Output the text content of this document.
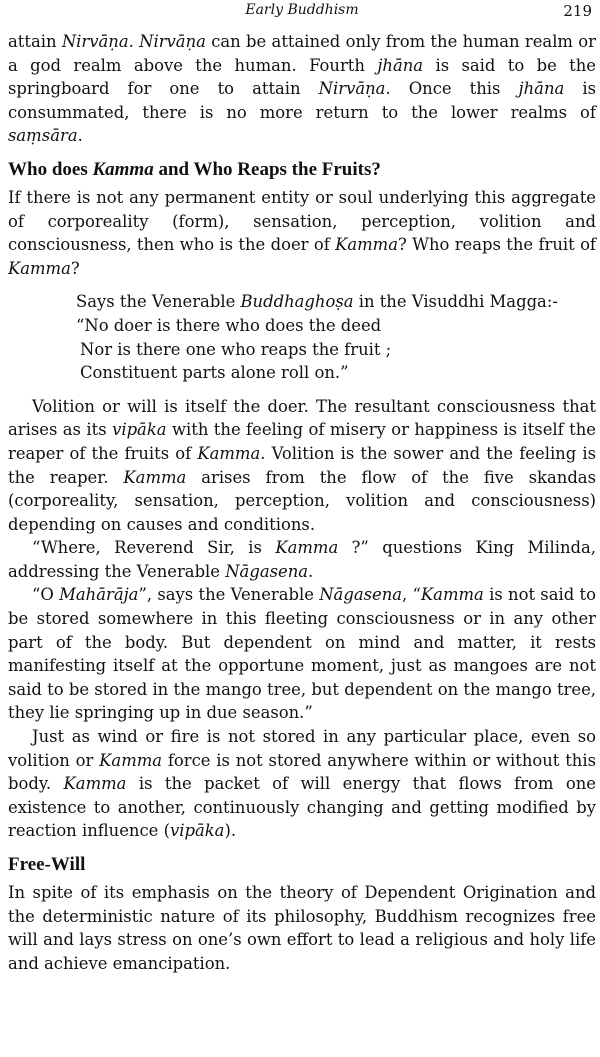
Early Buddhism	219

attain Nirvāṇa. Nirvāṇa can be attained only from the human realm or a god realm above the human. Fourth jhāna is said to be the springboard for one to attain Nirvāṇa. Once this jhāna is consummated, there is no more return to the lower realms of saṃsāra.

Who does Kamma and Who Reaps the Fruits?

If there is not any permanent entity or soul underlying this aggregate of corporeality (form), sensation, perception, volition and consciousness, then who is the doer of Kamma? Who reaps the fruit of Kamma?

Says the Venerable Buddhaghoṣa in the Visuddhi Magga:-
“No doer is there who does the deed
Nor is there one who reaps the fruit ;
Constituent parts alone roll on.”

Volition or will is itself the doer. The resultant consciousness that arises as its vipāka with the feeling of misery or happiness is itself the reaper of the fruits of Kamma. Volition is the sower and the feeling is the reaper. Kamma arises from the flow of the five skandas (corporeality, sensation, perception, volition and consciousness) depending on causes and conditions.

“Where, Reverend Sir, is Kamma ?” questions King Milinda, addressing the Venerable Nāgasena.

“O Mahārāja”, says the Venerable Nāgasena, “Kamma is not said to be stored somewhere in this fleeting consciousness or in any other part of the body. But dependent on mind and matter, it rests manifesting itself at the opportune moment, just as mangoes are not said to be stored in the mango tree, but dependent on the mango tree, they lie springing up in due season.”

Just as wind or fire is not stored in any particular place, even so volition or Kamma force is not stored anywhere within or without this body. Kamma is the packet of will energy that flows from one existence to another, continuously changing and getting modified by reaction influence (vipāka).

Free-Will

In spite of its emphasis on the theory of Dependent Origination and the deterministic nature of its philosophy, Buddhism recognizes free will and lays stress on one’s own effort to lead a religious and holy life and achieve emancipation.
